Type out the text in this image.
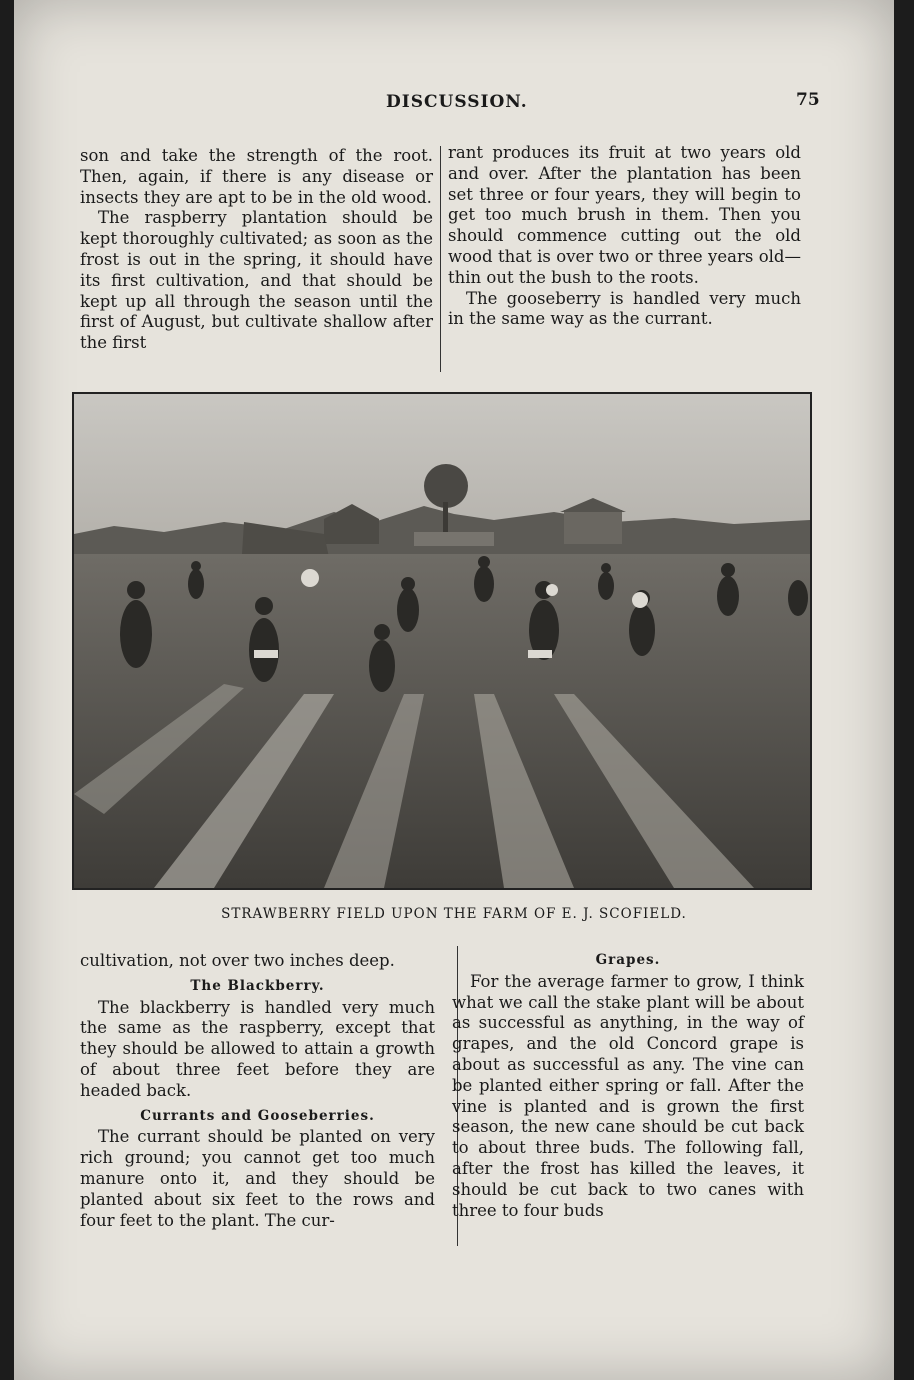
DISCUSSION.	75

son and take the strength of the root. Then, again, if there is any disease or insects they are apt to be in the old wood.

The raspberry plantation should be kept thoroughly cultivated; as soon as the frost is out in the spring, it should have its first cultivation, and that should be kept up all through the season until the first of August, but cultivate shallow after the first

rant produces its fruit at two years old and over. After the plantation has been set three or four years, they will begin to get too much brush in them. Then you should commence cutting out the old wood that is over two or three years old—thin out the bush to the roots.

The gooseberry is handled very much in the same way as the currant.

STRAWBERRY FIELD UPON THE FARM OF E. J. SCOFIELD.

cultivation, not over two inches deep.

The Blackberry.

The blackberry is handled very much the same as the raspberry, except that they should be allowed to attain a growth of about three feet before they are headed back.

Currants and Gooseberries.

The currant should be planted on very rich ground; you cannot get too much manure onto it, and they should be planted about six feet to the rows and four feet to the plant. The cur-

Grapes.

For the average farmer to grow, I think what we call the stake plant will be about as successful as anything, in the way of grapes, and the old Concord grape is about as successful as any. The vine can be planted either spring or fall. After the vine is planted and is grown the first season, the new cane should be cut back to about three buds. The following fall, after the frost has killed the leaves, it should be cut back to two canes with three to four buds
